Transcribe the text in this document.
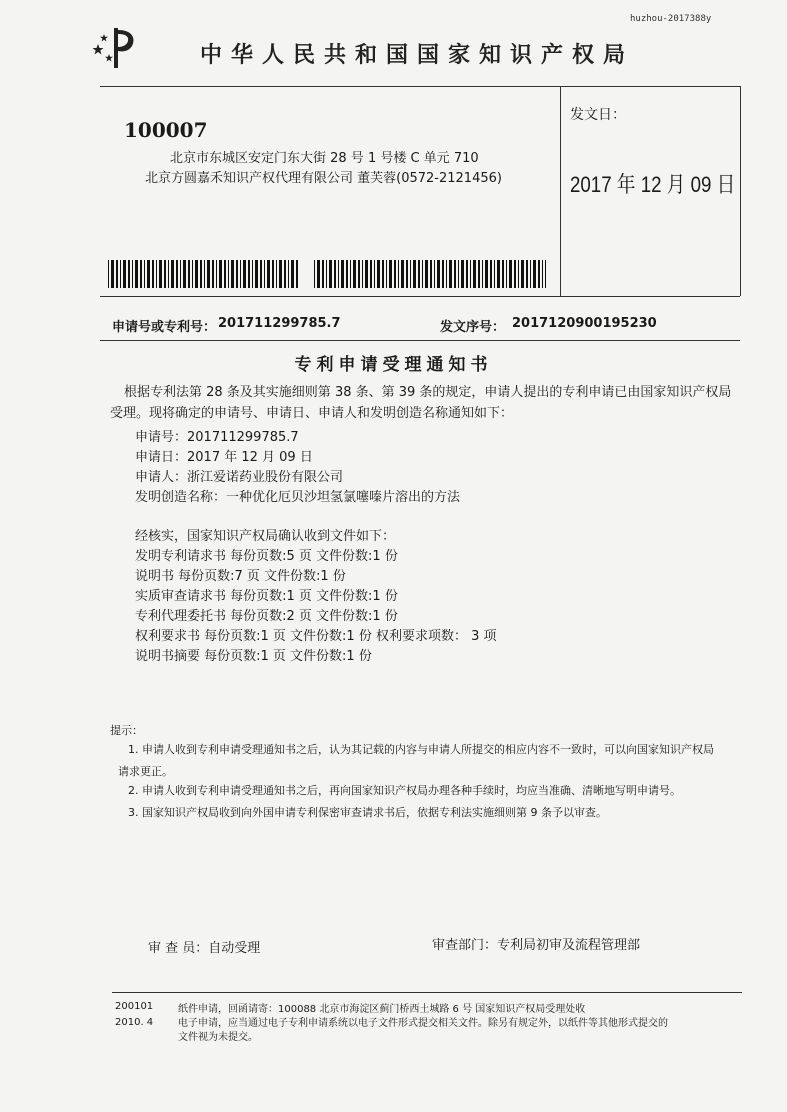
huzhou-2017388y
中华人民共和国国家知识产权局
100007
北京市东城区安定门东大街 28 号 1 号楼 C 单元 710
北京方圆嘉禾知识产权代理有限公司 董芙蓉(0572-2121456)
发文日：
2017 年 12 月 09 日
申请号或专利号： 201711299785.7	发文序号： 2017120900195230
专利申请受理通知书
根据专利法第 28 条及其实施细则第 38 条、第 39 条的规定，申请人提出的专利申请已由国家知识产权局
受理。现将确定的申请号、申请日、申请人和发明创造名称通知如下：
申请号：201711299785.7
申请日：2017 年 12 月 09 日
申请人：浙江爱诺药业股份有限公司
发明创造名称：一种优化厄贝沙坦氢氯噻嗪片溶出的方法
经核实，国家知识产权局确认收到文件如下：
发明专利请求书 每份页数:5 页 文件份数:1 份
说明书 每份页数:7 页 文件份数:1 份
实质审查请求书 每份页数:1 页 文件份数:1 份
专利代理委托书 每份页数:2 页 文件份数:1 份
权利要求书 每份页数:1 页 文件份数:1 份 权利要求项数： 3 项
说明书摘要 每份页数:1 页 文件份数:1 份
提示：
1. 申请人收到专利申请受理通知书之后，认为其记载的内容与申请人所提交的相应内容不一致时，可以向国家知识产权局
请求更正。
2. 申请人收到专利申请受理通知书之后，再向国家知识产权局办理各种手续时，均应当准确、清晰地写明申请号。
3. 国家知识产权局收到向外国申请专利保密审查请求书后，依据专利法实施细则第 9 条予以审查。
审 查 员：自动受理	审查部门：专利局初审及流程管理部
200101
2010. 4
纸件申请，回函请寄：100088 北京市海淀区蓟门桥西土城路 6 号 国家知识产权局受理处收
电子申请，应当通过电子专利申请系统以电子文件形式提交相关文件。除另有规定外，以纸件等其他形式提交的
文件视为未提交。
